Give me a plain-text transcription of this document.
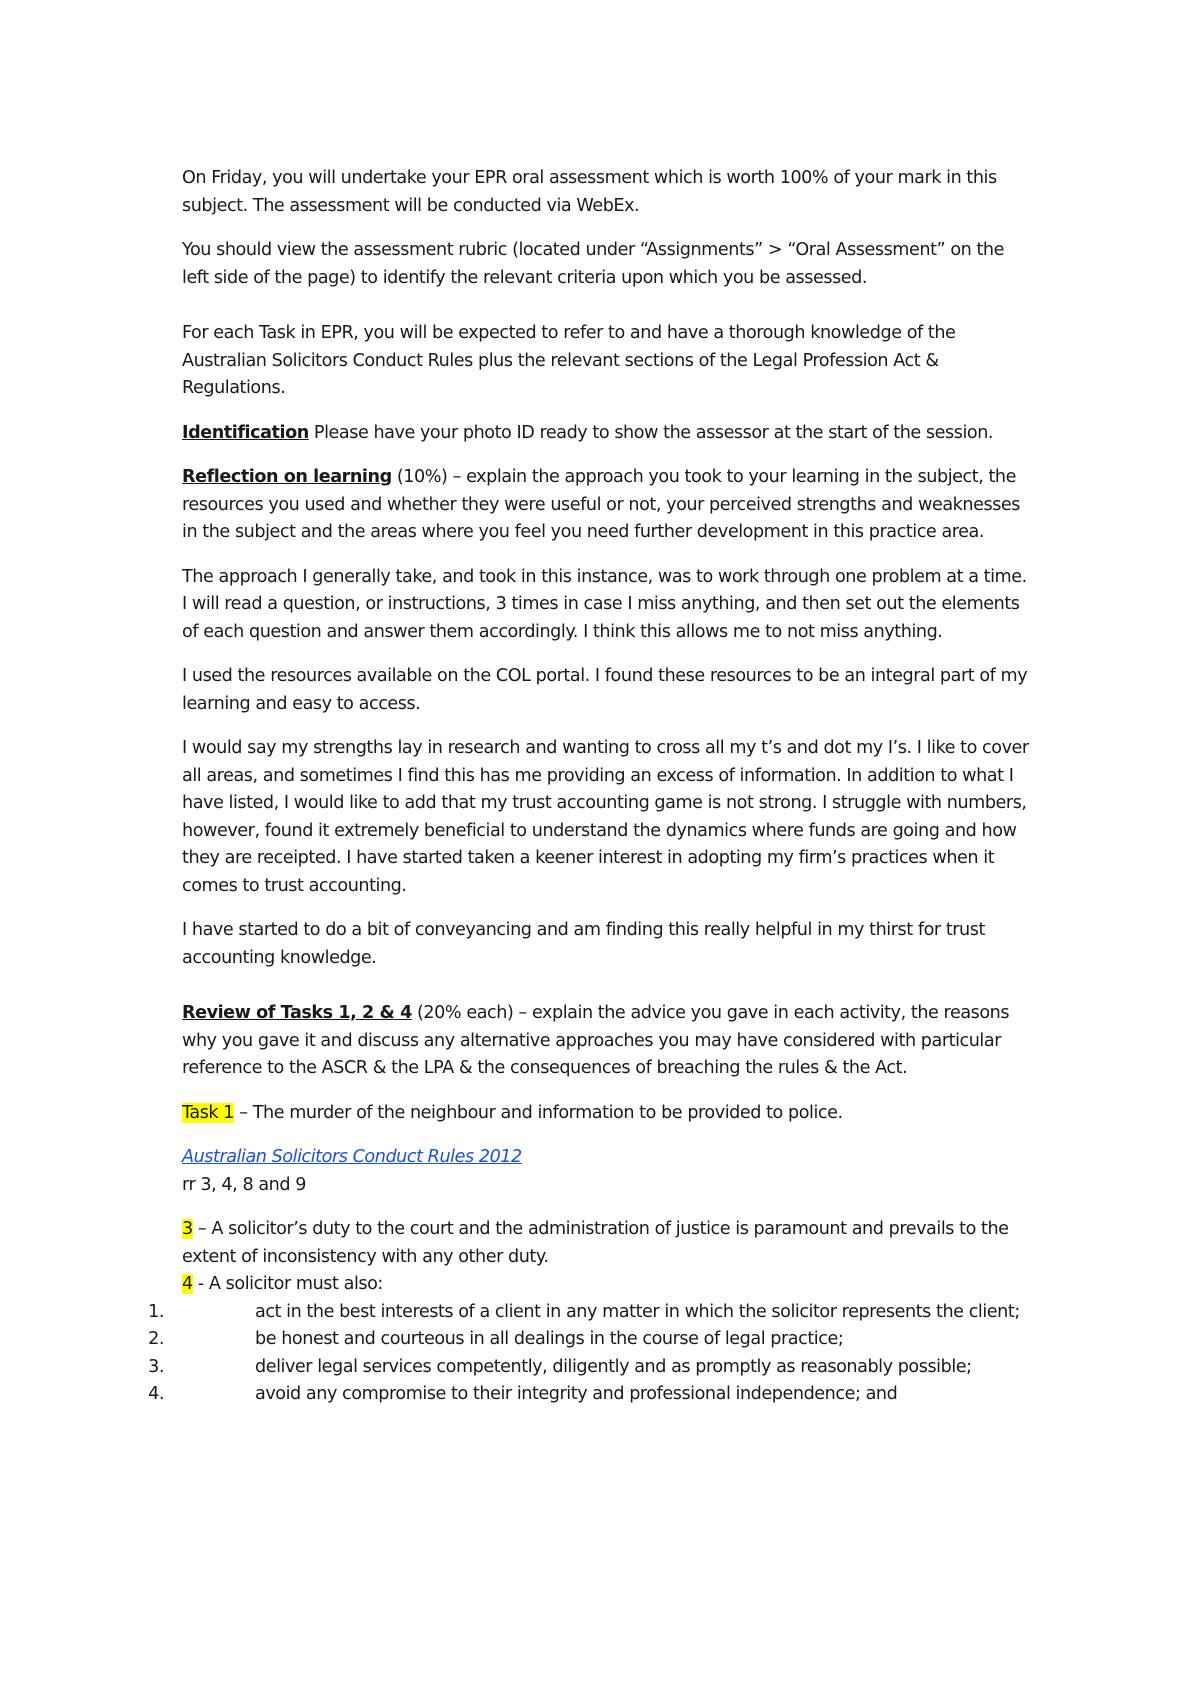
On Friday, you will undertake your EPR oral assessment which is worth 100% of your mark in this subject. The assessment will be conducted via WebEx.

You should view the assessment rubric (located under “Assignments” > “Oral Assessment” on the left side of the page) to identify the relevant criteria upon which you be assessed.

For each Task in EPR, you will be expected to refer to and have a thorough knowledge of the Australian Solicitors Conduct Rules plus the relevant sections of the Legal Profession Act & Regulations.

Identification Please have your photo ID ready to show the assessor at the start of the session.

Reflection on learning (10%) – explain the approach you took to your learning in the subject, the resources you used and whether they were useful or not, your perceived strengths and weaknesses in the subject and the areas where you feel you need further development in this practice area.

The approach I generally take, and took in this instance, was to work through one problem at a time. I will read a question, or instructions, 3 times in case I miss anything, and then set out the elements of each question and answer them accordingly. I think this allows me to not miss anything.

I used the resources available on the COL portal. I found these resources to be an integral part of my learning and easy to access.

I would say my strengths lay in research and wanting to cross all my t’s and dot my I’s. I like to cover all areas, and sometimes I find this has me providing an excess of information. In addition to what I have listed, I would like to add that my trust accounting game is not strong. I struggle with numbers, however, found it extremely beneficial to understand the dynamics where funds are going and how they are receipted. I have started taken a keener interest in adopting my firm’s practices when it comes to trust accounting.

I have started to do a bit of conveyancing and am finding this really helpful in my thirst for trust accounting knowledge.

Review of Tasks 1, 2 & 4 (20% each) – explain the advice you gave in each activity, the reasons why you gave it and discuss any alternative approaches you may have considered with particular reference to the ASCR & the LPA & the consequences of breaching the rules & the Act.

Task 1 – The murder of the neighbour and information to be provided to police.

Australian Solicitors Conduct Rules 2012

rr 3, 4, 8 and 9

3 – A solicitor’s duty to the court and the administration of justice is paramount and prevails to the extent of inconsistency with any other duty.

4 - A solicitor must also:

1.	act in the best interests of a client in any matter in which the solicitor represents the client;
2.	be honest and courteous in all dealings in the course of legal practice;
3.	deliver legal services competently, diligently and as promptly as reasonably possible;
4.	avoid any compromise to their integrity and professional independence; and
